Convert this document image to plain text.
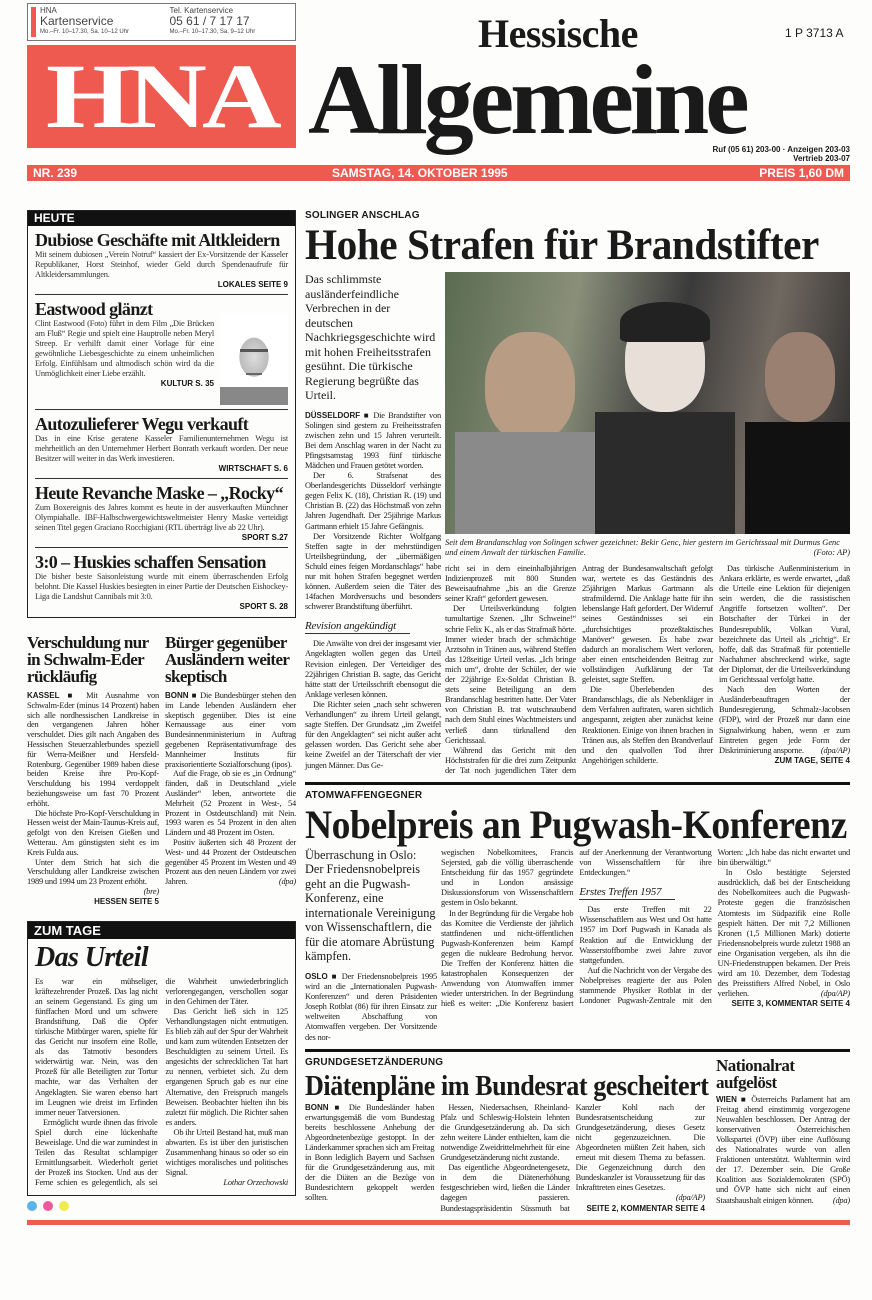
HNA
Kartenservice
Mo.–Fr. 10–17.30, Sa. 10–12 Uhr
Tel. Kartenservice
05 61 / 7 17 17
Mo.–Fr. 10–17.30, Sa. 9–12 Uhr
HNA
Hessische
Allgemeine
1 P 3713 A
Ruf (05 61) 203-00 · Anzeigen 203-03
Vertrieb 203-07
NR. 239	SAMSTAG, 14. OKTOBER 1995	PREIS 1,60 DM
HEUTE
Dubiose Geschäfte mit Altkleidern

Mit seinem dubiosen „Verein Notruf“ kassiert der Ex-Vorsitzende der Kasseler Republikaner, Horst Steinhof, wieder Geld durch Spendenaufrufe für Altkleidersammlungen.

LOKALES SEITE 9
Eastwood glänzt

Clint Eastwood (Foto) führt in dem Film „Die Brücken am Fluß“ Regie und spielt eine Hauptrolle neben Meryl Streep. Er verhilft damit einer Vorlage für eine gewöhnliche Liebesgeschichte zu einem unheimlichen Erfolg. Einfühlsam und altmodisch schön wird da die Unmöglichkeit einer Liebe erzählt.

KULTUR S. 35
Autozulieferer Wegu verkauft

Das in eine Krise geratene Kasseler Familienunternehmen Wegu ist mehrheitlich an den Unternehmer Herbert Bonrath verkauft worden. Der neue Besitzer will weiter in das Werk investieren.

WIRTSCHAFT S. 6
Heute Revanche Maske – „Rocky“

Zum Boxereignis des Jahres kommt es heute in der ausverkauften Münchner Olympiahalle. IBF-Halbschwergewichtsweltmeister Henry Maske verteidigt seinen Titel gegen Graciano Rocchigiani (RTL überträgt live ab 22 Uhr).

SPORT S.27
3:0 – Huskies schaffen Sensation

Die bisher beste Saisonleistung wurde mit einem überraschenden Erfolg belohnt. Die Kassel Huskies besiegten in einer Partie der Deutschen Eishockey-Liga die Landshut Cannibals mit 3:0.

SPORT S. 28
Verschuldung nur in Schwalm-Eder rückläufig

KASSEL ■ Mit Ausnahme von Schwalm-Eder (minus 14 Prozent) haben sich alle nordhessischen Landkreise in den vergangenen Jahren höher verschuldet. Dies gilt nach Angaben des Hessischen Steuerzahlerbundes speziell für Werra-Meißner und Hersfeld-Rotenburg. Gegenüber 1989 haben diese beiden Kreise ihre Pro-Kopf-Verschuldung bis 1994 verdoppelt beziehungsweise um fast 70 Prozent erhöht.

Die höchste Pro-Kopf-Verschuldung in Hessen weist der Main-Taunus-Kreis auf, gefolgt von den Kreisen Gießen und Wetterau. Am günstigsten sieht es im Kreis Fulda aus.

Unter dem Strich hat sich die Verschuldung aller Landkreise zwischen 1989 und 1994 um 23 Prozent erhöht.
(bre)

HESSEN SEITE 5

Bürger gegenüber Ausländern weiter skeptisch

BONN ■ Die Bundesbürger stehen den im Lande lebenden Ausländern eher skeptisch gegenüber. Dies ist eine Kernaussage aus einer vom Bundesinnenministerium in Auftrag gegebenen Repräsentativumfrage des Mannheimer Instituts für praxisorientierte Sozialforschung (ipos).

Auf die Frage, ob sie es „in Ordnung“ fänden, daß in Deutschland „viele Ausländer“ leben, antwortete die Mehrheit (52 Prozent in West-, 54 Prozent in Ostdeutschland) mit Nein. 1993 waren es 54 Prozent in den alten Ländern und 48 Prozent im Osten.

Positiv äußerten sich 48 Prozent der West- und 44 Prozent der Ostdeutschen gegenüber 45 Prozent im Westen und 49 Prozent aus den neuen Ländern vor zwei Jahren.	(dpa)

ZUM TAGE
Das Urteil

Es war ein mühseliger, kräftezehrender Prozeß. Das lag nicht an seinem Gegenstand. Es ging um fünffachen Mord und um schwere Brandstiftung. Daß die Opfer türkische Mitbürger waren, spielte für das Gericht nur insofern eine Rolle, als das Tatmotiv besonders widerwärtig war. Nein, was den Prozeß für alle Beteiligten zur Tortur machte, war das Verhalten der Angeklagten. Sie waren ebenso hart im Leugnen wie dreist im Erfinden immer neuer Tatversionen.

Ermöglicht wurde ihnen das frivole Spiel durch eine lückenhafte Beweislage. Und die war zumindest in Teilen das Resultat schlampiger Ermittlungsarbeit. Wiederholt geriet der Prozeß ins Stocken. Und aus der Ferne schien es gelegentlich, als sei die Wahrheit unwiederbringlich verlorengegangen, verschollen sogar in den Gehirnen der Täter.

Das Gericht ließ sich in 125 Verhandlungstagen nicht entmutigen. Es blieb zäh auf der Spur der Wahrheit und kam zum wütenden Entsetzen der Beschuldigten zu seinem Urteil. Es angesichts der schrecklichen Tat hart zu nennen, verbietet sich. Zu dem ergangenen Spruch gab es nur eine Alternative, den Freispruch mangels Beweisen. Beobachter hielten ihn bis zuletzt für möglich. Die Richter sahen es anders.

Ob ihr Urteil Bestand hat, muß man abwarten. Es ist über den juristischen Zusammenhang hinaus so oder so ein wichtiges moralisches und politisches Signal.

Lothar Orzechowski

SOLINGER ANSCHLAG
Hohe Strafen für Brandstifter
Das schlimmste ausländerfeindliche Verbrechen in der deutschen Nachkriegsgeschichte wird mit hohen Freiheitsstrafen gesühnt. Die türkische Regierung begrüßte das Urteil.

DÜSSELDORF ■ Die Brandstifter von Solingen sind gestern zu Freiheitsstrafen zwischen zehn und 15 Jahren verurteilt. Bei dem Anschlag waren in der Nacht zu Pfingstsamstag 1993 fünf türkische Mädchen und Frauen getötet worden.

Der 6. Strafsenat des Oberlandesgerichts Düsseldorf verhängte gegen Felix K. (18), Christian R. (19) und Christian B. (22) das Höchstmaß von zehn Jahren Jugendhaft. Der 25jährige Markus Gartmann erhielt 15 Jahre Gefängnis.

Der Vorsitzende Richter Wolfgang Steffen sagte in der mehrstündigen Urteilsbegründung, der „übermäßigen Schuld eines feigen Mordanschlags“ habe nur mit hohen Strafen begegnet werden können. Außerdem seien die Täter des 14fachen Mordversuchs und besonders schwerer Brandstiftung überführt.

Revision angekündigt

Die Anwälte von drei der insgesamt vier Angeklagten wollen gegen das Urteil Revision einlegen. Der Verteidiger des 22jährigen Christian B. sagte, das Gericht hätte statt der Urteilsschrift ebensogut die Anklage verlesen können.

Die Richter seien „nach sehr schweren Verhandlungen“ zu ihrem Urteil gelangt, sagte Steffen. Der Grundsatz „im Zweifel für den Angeklagten“ sei nicht außer acht gelassen worden. Das Gericht sehe aber keine Zweifel an der Täterschaft der vier jungen Männer. Das Ge-

Seit dem Brandanschlag von Solingen schwer gezeichnet: Bekir Genc, hier gestern im Gerichtssaal mit Durmus Genc und einem Anwalt der türkischen Familie.	(Foto: AP)

richt sei in dem eineinhalbjährigen Indizienprozeß mit 800 Stunden Beweisaufnahme „bis an die Grenze seiner Kraft“ gefordert gewesen.

Der Urteilsverkündung folgten tumultartige Szenen. „Ihr Schweine!“ schrie Felix K., als er das Strafmaß hörte. Immer wieder brach der schmächtige Arztsohn in Tränen aus, während Steffen das 128seitige Urteil verlas. „Ich bringe mich um“, drohte der Schüler, der wie der 22jährige Ex-Soldat Christian B. stets seine Beteiligung an dem Brandanschlag bestritten hatte. Der Vater von Christian B. trat wutschnaubend nach dem Stuhl eines Wachtmeisters und verließ dann türknallend den Gerichtssaal.

Während das Gericht mit den Höchststrafen für die drei zum Zeitpunkt der Tat noch jugendlichen Täter dem Antrag der Bundesanwaltschaft gefolgt war, wertete es das Geständnis des 25jährigen Markus Gartmann als strafmildernd. Die Anklage hatte für ihn lebenslange Haft gefordert. Der Widerruf seines Geständnisses sei ein „durchsichtiges prozeßtaktisches Manöver“ gewesen. Es habe zwar dadurch an moralischem Wert verloren, aber einen entscheidenden Beitrag zur vollständigen Aufklärung der Tat geleistet, sagte Steffen.

Die Überlebenden des Brandanschlags, die als Nebenkläger in dem Verfahren auftraten, waren sichtlich angespannt, zeigten aber zunächst keine Reaktionen. Einige von ihnen brachen in Tränen aus, als Steffen den Brandverlauf und den qualvollen Tod ihrer Angehörigen schilderte.

Das türkische Außenministerium in Ankara erklärte, es werde erwartet, „daß die Urteile eine Lektion für diejenigen sein werden, die die rassistischen Angriffe fortsetzen wollten“. Der Botschafter der Türkei in der Bundesrepublik, Volkan Vural, bezeichnete das Urteil als „richtig“. Er hoffe, daß das Strafmaß für potentielle Nachahmer abschreckend wirke, sagte der Diplomat, der die Urteilsverkündung im Gerichtssaal verfolgt hatte.

Nach den Worten der Ausländerbeauftragen der Bundesregierung, Schmalz-Jacobsen (FDP), wird der Prozeß nur dann eine Signalwirkung haben, wenn er zum Eintreten gegen jede Form der Diskriminierung ansporne.	(dpa/AP)

ZUM TAGE, SEITE 4

ATOMWAFFENGEGNER
Nobelpreis an Pugwash-Konferenz
Überraschung in Oslo: Der Friedensnobelpreis geht an die Pugwash-Konferenz, eine internationale Vereinigung von Wissenschaftlern, die für die atomare Abrüstung kämpfen.

OSLO ■ Der Friedensnobelpreis 1995 wird an die „Internationalen Pugwash-Konferenzen“ und deren Präsidenten Joseph Rotblat (86) für ihren Einsatz zur weltweiten Abschaffung von Atomwaffen vergeben. Der Vorsitzende des nor-

wegischen Nobelkomitees, Francis Sejersted, gab die völlig überraschende Entscheidung für das 1957 gegründete und in London ansässige Diskussionsforum von Wissenschaftlern gestern in Oslo bekannt.

In der Begründung für die Vergabe hob das Komitee die Verdienste der jährlich stattfindenen und nicht-öffentlichen Pugwash-Konferenzen beim Kampf gegen die nukleare Bedrohung hervor. Die Treffen der Konferenz hätten die katastrophalen Konsequenzen der Anwendung von Atomwaffen immer wieder unterstrichen. In der Begründung hieß es weiter: „Die Konferenz basiert auf der Anerkennung der Verantwortung von Wissenschaftlern für ihre Entdeckungen.“

Erstes Treffen 1957

Das erste Treffen mit 22 Wissenschaftlern aus West und Ost hatte 1957 im Dorf Pugwash in Kanada als Reaktion auf die Entwicklung der Wasserstoffbombe zwei Jahre zuvor stattgefunden.

Auf die Nachricht von der Vergabe des Nobelpreises reagierte der aus Polen stammende Physiker Rotblat in der Londoner Pugwash-Zentrale mit den Worten: „Ich habe das nicht erwartet und bin überwältigt.“

In Oslo bestätigte Sejersted ausdrücklich, daß bei der Entscheidung des Nobelkomitees auch die Pugwash-Proteste gegen die französischen Atomtests im Südpazifik eine Rolle gespielt hätten. Der mit 7,2 Millionen Kronen (1,5 Millionen Mark) dotierte Friedensnobelpreis wurde zuletzt 1988 an eine Organisation vergeben, als ihn die UN-Friedenstruppen bekamen. Der Preis wird am 10. Dezember, dem Todestag des Preisstifters Alfred Nobel, in Oslo verliehen.	(dpa/AP)

SEITE 3, KOMMENTAR SEITE 4

GRUNDGESETZÄNDERUNG
Diätenpläne im Bundesrat gescheitert

BONN ■ Die Bundesländer haben erwartungsgemäß die vom Bundestag bereits beschlossene Anhebung der Abgeordnetenbezüge gestoppt. In der Länderkammer sprachen sich am Freitag in Bonn lediglich Bayern und Sachsen für die Grundgesetzänderung aus, mit der die Diäten an die Bezüge von Bundesrichtern gekoppelt werden sollten.

Hessen, Niedersachsen, Rheinland-Pfalz und Schleswig-Holstein lehnten die Grundgesetzänderung ab. Da sich zehn weitere Länder enthielten, kam die notwendige Zweidrittelmehrheit für eine Grundgesetzänderung nicht zustande.

Das eigentliche Abgeordnetengesetz, in dem die Diätenerhöhung festgeschrieben wird, ließen die Länder dagegen passieren. Bundestagspräsidentin Süssmuth bat Kanzler Kohl nach der Bundesratsentscheidung zur Grundgesetzänderung, dieses Gesetz nicht gegenzuzeichnen. Die Abgeordneten müßten Zeit haben, sich erneut mit diesem Thema zu befassen. Die Gegenzeichnung durch den Bundeskanzler ist Voraussetzung für das Inkrafttreten eines Gesetzes.

(dpa/AP)

SEITE 2, KOMMENTAR SEITE 4

Nationalrat aufgelöst

WIEN ■ Österreichs Parlament hat am Freitag abend einstimmig vorgezogene Neuwahlen beschlossen. Der Antrag der konservativen Österreichischen Volkspartei (ÖVP) über eine Auflösung des Nationalrates wurde von allen Fraktionen unterstützt. Wahltermin wird der 17. Dezember sein. Die Große Koalition aus Sozialdemokraten (SPÖ) und ÖVP hatte sich nicht auf einen Staatshaushalt einigen können. (dpa)
